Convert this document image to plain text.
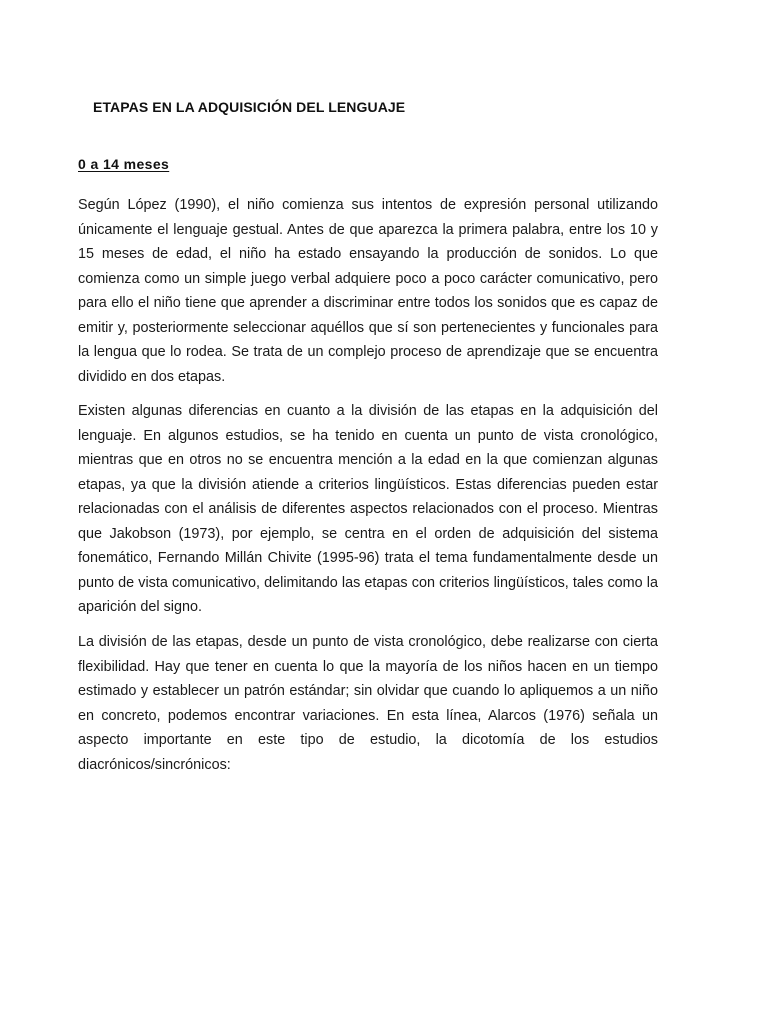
ETAPAS EN LA ADQUISICIÓN DEL LENGUAJE
0 a 14 meses

Según López (1990), el niño comienza sus intentos de expresión personal utilizando únicamente el lenguaje gestual. Antes de que aparezca la primera palabra, entre los 10 y 15 meses de edad, el niño ha estado ensayando la producción de sonidos. Lo que comienza como un simple juego verbal adquiere poco a poco carácter comunicativo, pero para ello el niño tiene que aprender a discriminar entre todos los sonidos que es capaz de emitir y, posteriormente seleccionar aquéllos que sí son pertenecientes y funcionales para la lengua que lo rodea. Se trata de un complejo proceso de aprendizaje que se encuentra dividido en dos etapas.

Existen algunas diferencias en cuanto a la división de las etapas en la adquisición del lenguaje. En algunos estudios, se ha tenido en cuenta un punto de vista cronológico, mientras que en otros no se encuentra mención a la edad en la que comienzan algunas etapas, ya que la división atiende a criterios lingüísticos. Estas diferencias pueden estar relacionadas con el análisis de diferentes aspectos relacionados con el proceso. Mientras que Jakobson (1973), por ejemplo, se centra en el orden de adquisición del sistema fonemático, Fernando Millán Chivite (1995-96) trata el tema fundamentalmente desde un punto de vista comunicativo, delimitando las etapas con criterios lingüísticos, tales como la aparición del signo.

La división de las etapas, desde un punto de vista cronológico, debe realizarse con cierta flexibilidad. Hay que tener en cuenta lo que la mayoría de los niños hacen en un tiempo estimado y establecer un patrón estándar; sin olvidar que cuando lo apliquemos a un niño en concreto, podemos encontrar variaciones. En esta línea, Alarcos (1976) señala un aspecto importante en este tipo de estudio, la dicotomía de los estudios diacrónicos/sincrónicos:
